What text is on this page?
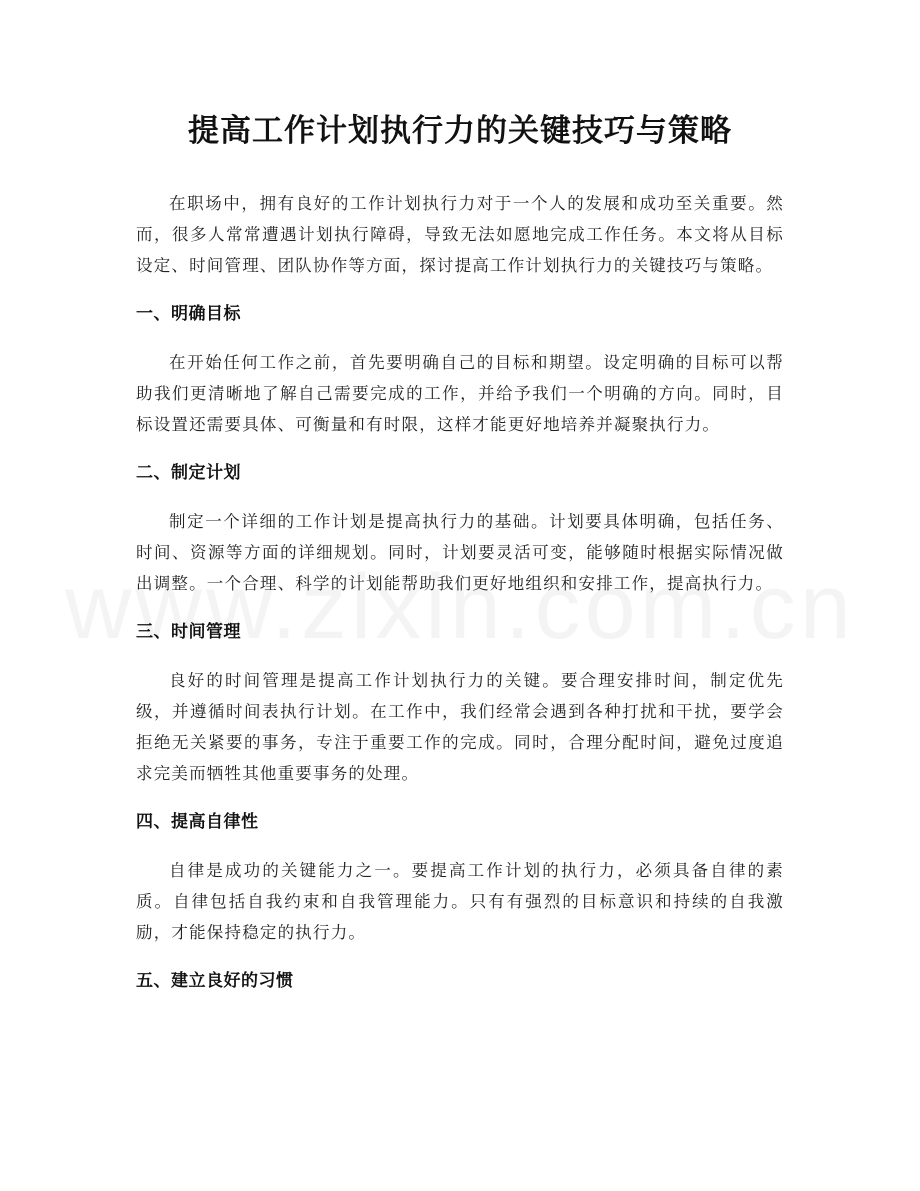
提高工作计划执行力的关键技巧与策略

在职场中，拥有良好的工作计划执行力对于一个人的发展和成功至关重要。然而，很多人常常遭遇计划执行障碍，导致无法如愿地完成工作任务。本文将从目标设定、时间管理、团队协作等方面，探讨提高工作计划执行力的关键技巧与策略。

一、明确目标

在开始任何工作之前，首先要明确自己的目标和期望。设定明确的目标可以帮助我们更清晰地了解自己需要完成的工作，并给予我们一个明确的方向。同时，目标设置还需要具体、可衡量和有时限，这样才能更好地培养并凝聚执行力。

二、制定计划

制定一个详细的工作计划是提高执行力的基础。计划要具体明确，包括任务、时间、资源等方面的详细规划。同时，计划要灵活可变，能够随时根据实际情况做出调整。一个合理、科学的计划能帮助我们更好地组织和安排工作，提高执行力。

三、时间管理

良好的时间管理是提高工作计划执行力的关键。要合理安排时间，制定优先级，并遵循时间表执行计划。在工作中，我们经常会遇到各种打扰和干扰，要学会拒绝无关紧要的事务，专注于重要工作的完成。同时，合理分配时间，避免过度追求完美而牺牲其他重要事务的处理。

四、提高自律性

自律是成功的关键能力之一。要提高工作计划的执行力，必须具备自律的素质。自律包括自我约束和自我管理能力。只有有强烈的目标意识和持续的自我激励，才能保持稳定的执行力。

五、建立良好的习惯
